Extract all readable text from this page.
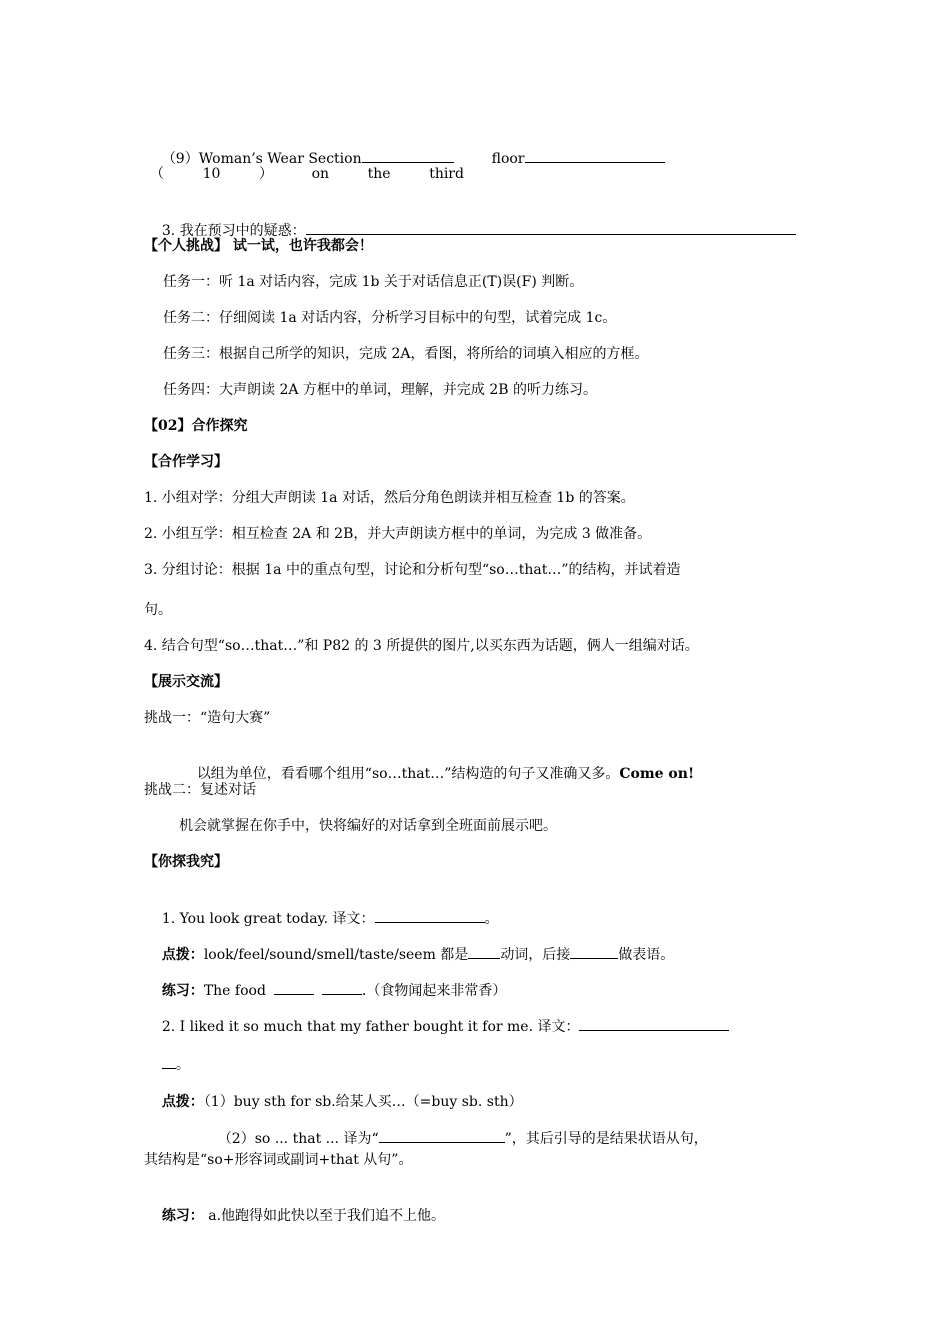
（9）Woman’s Wear Section	floor

（	10	）	on	the	third

3. 我在预习中的疑惑：

【个人挑战】 试一试，也许我都会！
任务一：听 1a 对话内容，完成 1b 关于对话信息正(T)误(F) 判断。
任务二：仔细阅读 1a 对话内容，分析学习目标中的句型，试着完成 1c。
任务三：根据自己所学的知识，完成 2A，看图，将所给的词填入相应的方框。
任务四：大声朗读 2A 方框中的单词，理解，并完成 2B 的听力练习。
【02】合作探究
【合作学习】
1. 小组对学：分组大声朗读 1a 对话，然后分角色朗读并相互检查 1b 的答案。
2. 小组互学：相互检查 2A 和 2B，并大声朗读方框中的单词，为完成 3 做准备。
3. 分组讨论：根据 1a 中的重点句型，讨论和分析句型“so…that…”的结构，并试着造
句。
4. 结合句型“so…that…”和 P82 的 3 所提供的图片,以买东西为话题，俩人一组编对话。
【展示交流】
挑战一：“造句大赛”

以组为单位，看看哪个组用“so…that…”结构造的句子又准确又多。Come on!

挑战二：复述对话
机会就掌握在你手中，快将编好的对话拿到全班面前展示吧。
【你探我究】

1. You look great today. 译文：	。

点拨：look/feel/sound/smell/taste/seem 都是 动词，后接	做表语。

练习：The food	.（食物闻起来非常香）

2. I liked it so much that my father bought it for me. 译文：

。

点拨：（1）buy sth for sb.给某人买…（=buy sb. sth）

（2）so ... that ... 译为“	”，其后引导的是结果状语从句，

其结构是“so+形容词或副词+that 从句”。

练习： a.他跑得如此快以至于我们追不上他。
